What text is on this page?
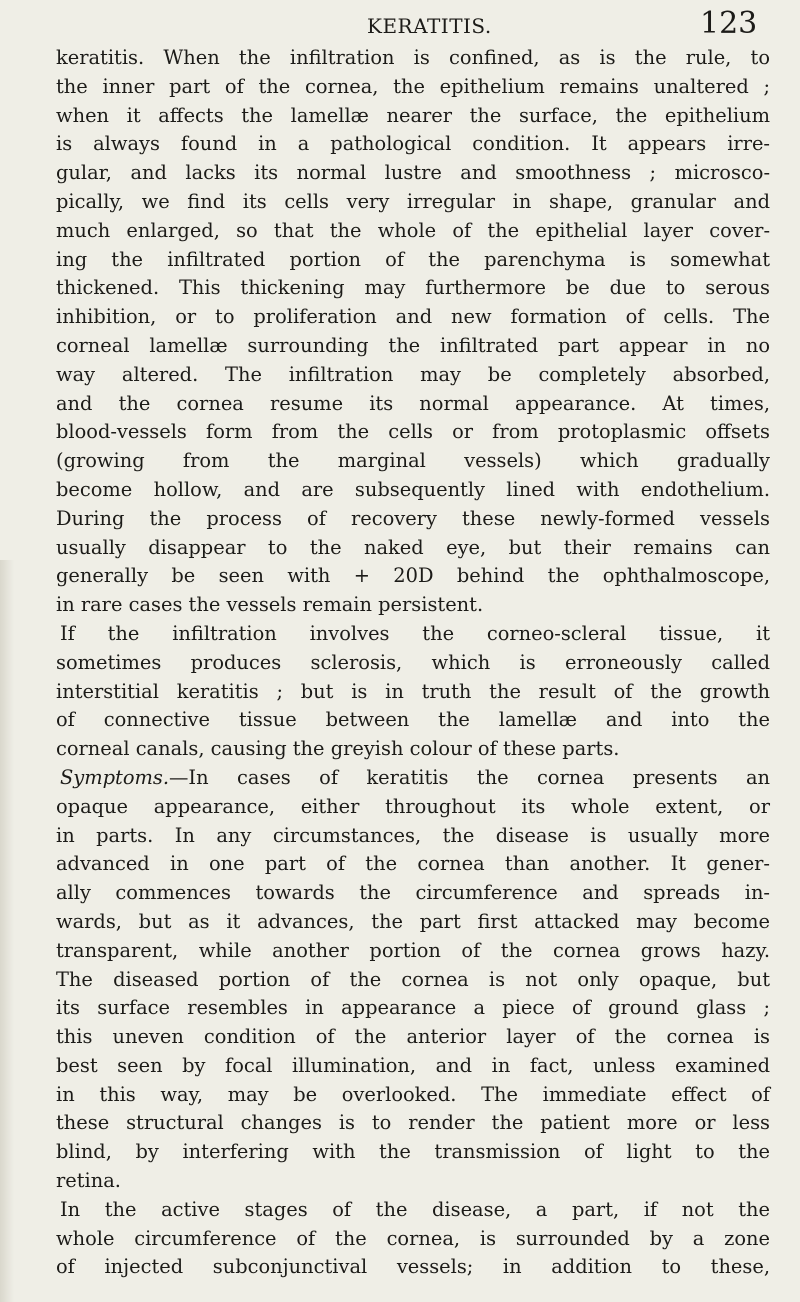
KERATITIS.	123
keratitis. When the infiltration is confined, as is the rule, to
the inner part of the cornea, the epithelium remains unaltered ;
when it affects the lamellæ nearer the surface, the epithelium
is always found in a pathological condition. It appears irre-
gular, and lacks its normal lustre and smoothness ; microsco-
pically, we find its cells very irregular in shape, granular and
much enlarged, so that the whole of the epithelial layer cover-
ing the infiltrated portion of the parenchyma is somewhat
thickened. This thickening may furthermore be due to serous
inhibition, or to proliferation and new formation of cells. The
corneal lamellæ surrounding the infiltrated part appear in no
way altered. The infiltration may be completely absorbed,
and the cornea resume its normal appearance. At times,
blood-vessels form from the cells or from protoplasmic offsets
(growing from the marginal vessels) which gradually
become hollow, and are subsequently lined with endothelium.
During the process of recovery these newly-formed vessels
usually disappear to the naked eye, but their remains can
generally be seen with + 20D behind the ophthalmoscope,
in rare cases the vessels remain persistent.
If the infiltration involves the corneo-scleral tissue, it
sometimes produces sclerosis, which is erroneously called
interstitial keratitis ; but is in truth the result of the growth
of connective tissue between the lamellæ and into the
corneal canals, causing the greyish colour of these parts.
Symptoms.—In cases of keratitis the cornea presents an
opaque appearance, either throughout its whole extent, or
in parts. In any circumstances, the disease is usually more
advanced in one part of the cornea than another. It gener-
ally commences towards the circumference and spreads in-
wards, but as it advances, the part first attacked may become
transparent, while another portion of the cornea grows hazy.
The diseased portion of the cornea is not only opaque, but
its surface resembles in appearance a piece of ground glass ;
this uneven condition of the anterior layer of the cornea is
best seen by focal illumination, and in fact, unless examined
in this way, may be overlooked. The immediate effect of
these structural changes is to render the patient more or less
blind, by interfering with the transmission of light to the
retina.
In the active stages of the disease, a part, if not the
whole circumference of the cornea, is surrounded by a zone
of injected subconjunctival vessels; in addition to these,
